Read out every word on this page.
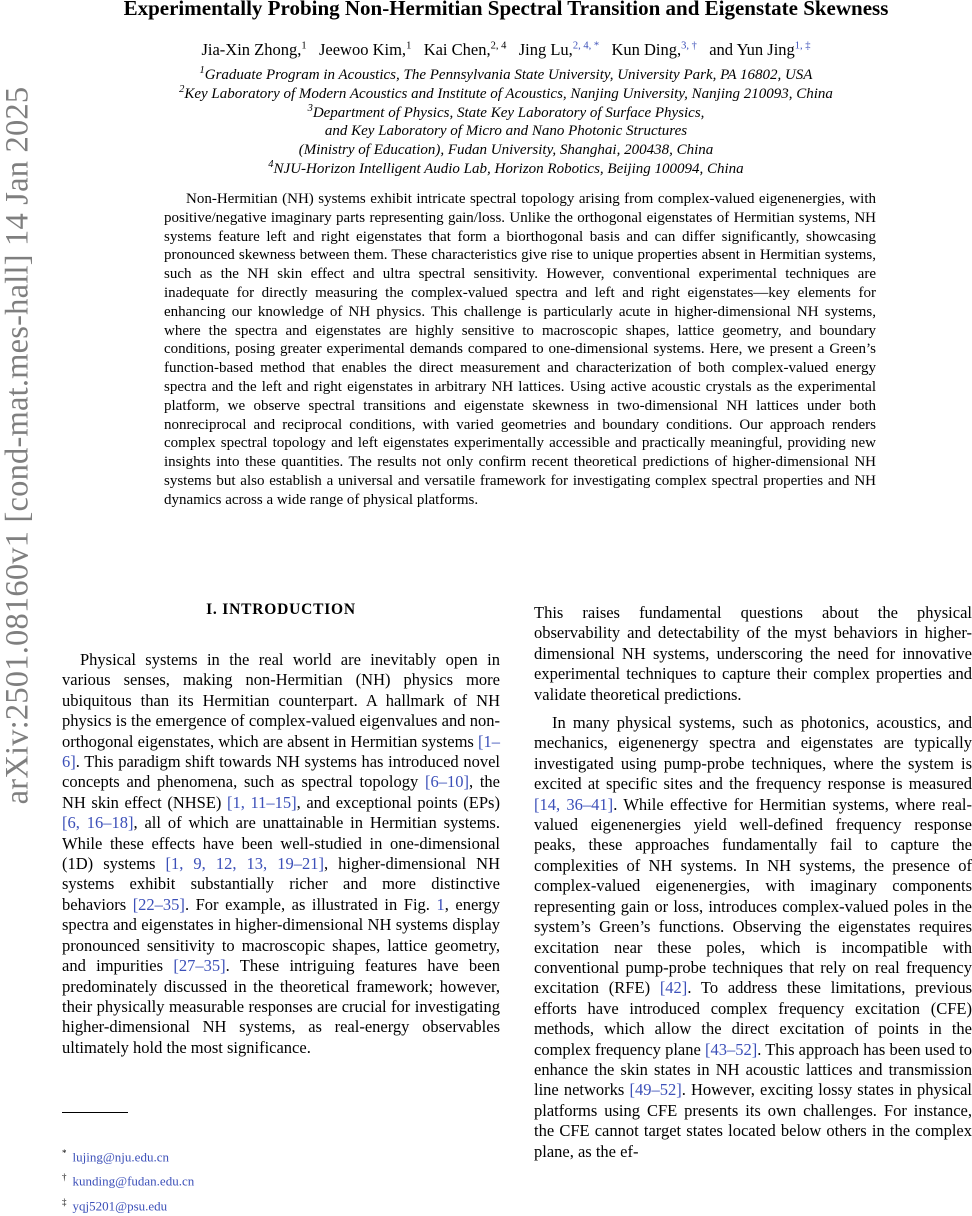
arXiv:2501.08160v1 [cond-mat.mes-hall] 14 Jan 2025
Experimentally Probing Non-Hermitian Spectral Transition and Eigenstate Skewness

Jia-Xin Zhong,$^1$ Jeewoo Kim,$^1$ Kai Chen,$^{2, 4}$ Jing Lu,$^{2, 4, *}$ Kun Ding,$^{3, \dagger}$ and Yun Jing$^{1, \ddagger}$

$^1$Graduate Program in Acoustics, The Pennsylvania State University, University Park, PA 16802, USA

$^2$Key Laboratory of Modern Acoustics and Institute of Acoustics, Nanjing University, Nanjing 210093, China

$^3$Department of Physics, State Key Laboratory of Surface Physics,

and Key Laboratory of Micro and Nano Photonic Structures

(Ministry of Education), Fudan University, Shanghai, 200438, China

$^4$NJU-Horizon Intelligent Audio Lab, Horizon Robotics, Beijing 100094, China

Non-Hermitian (NH) systems exhibit intricate spectral topology arising from complex-valued eigenenergies, with positive/negative imaginary parts representing gain/loss. Unlike the orthogonal eigenstates of Hermitian systems, NH systems feature left and right eigenstates that form a biorthogonal basis and can differ significantly, showcasing pronounced skewness between them. These characteristics give rise to unique properties absent in Hermitian systems, such as the NH skin effect and ultra spectral sensitivity. However, conventional experimental techniques are inadequate for directly measuring the complex-valued spectra and left and right eigenstates—key elements for enhancing our knowledge of NH physics. This challenge is particularly acute in higher-dimensional NH systems, where the spectra and eigenstates are highly sensitive to macroscopic shapes, lattice geometry, and boundary conditions, posing greater experimental demands compared to one-dimensional systems. Here, we present a Green’s function-based method that enables the direct measurement and characterization of both complex-valued energy spectra and the left and right eigenstates in arbitrary NH lattices. Using active acoustic crystals as the experimental platform, we observe spectral transitions and eigenstate skewness in two-dimensional NH lattices under both nonreciprocal and reciprocal conditions, with varied geometries and boundary conditions. Our approach renders complex spectral topology and left eigenstates experimentally accessible and practically meaningful, providing new insights into these quantities. The results not only confirm recent theoretical predictions of higher-dimensional NH systems but also establish a universal and versatile framework for investigating complex spectral properties and NH dynamics across a wide range of physical platforms.

I. INTRODUCTION

Physical systems in the real world are inevitably open in various senses, making non-Hermitian (NH) physics more ubiquitous than its Hermitian counterpart. A hallmark of NH physics is the emergence of complex-valued eigenvalues and non-orthogonal eigenstates, which are absent in Hermitian systems [1–6]. This paradigm shift towards NH systems has introduced novel concepts and phenomena, such as spectral topology [6–10], the NH skin effect (NHSE) [1, 11–15], and exceptional points (EPs) [6, 16–18], all of which are unattainable in Hermitian systems. While these effects have been well-studied in one-dimensional (1D) systems [1, 9, 12, 13, 19–21], higher-dimensional NH systems exhibit substantially richer and more distinctive behaviors [22–35]. For example, as illustrated in Fig. 1, energy spectra and eigenstates in higher-dimensional NH systems display pronounced sensitivity to macroscopic shapes, lattice geometry, and impurities [27–35]. These intriguing features have been predominately discussed in the theoretical framework; however, their physically measurable responses are crucial for investigating higher-dimensional NH systems, as real-energy observables ultimately hold the most significance.

This raises fundamental questions about the physical observability and detectability of the myst behaviors in higher-dimensional NH systems, underscoring the need for innovative experimental techniques to capture their complex properties and validate theoretical predictions.

In many physical systems, such as photonics, acoustics, and mechanics, eigenenergy spectra and eigenstates are typically investigated using pump-probe techniques, where the system is excited at specific sites and the frequency response is measured [14, 36–41]. While effective for Hermitian systems, where real-valued eigenenergies yield well-defined frequency response peaks, these approaches fundamentally fail to capture the complexities of NH systems. In NH systems, the presence of complex-valued eigenenergies, with imaginary components representing gain or loss, introduces complex-valued poles in the system’s Green’s functions. Observing the eigenstates requires excitation near these poles, which is incompatible with conventional pump-probe techniques that rely on real frequency excitation (RFE) [42]. To address these limitations, previous efforts have introduced complex frequency excitation (CFE) methods, which allow the direct excitation of points in the complex frequency plane [43–52]. This approach has been used to enhance the skin states in NH acoustic lattices and transmission line networks [49–52]. However, exciting lossy states in physical platforms using CFE presents its own challenges. For instance, the CFE cannot target states located below others in the complex plane, as the ef-

* lujing@nju.edu.cn

† kunding@fudan.edu.cn

‡ yqj5201@psu.edu
